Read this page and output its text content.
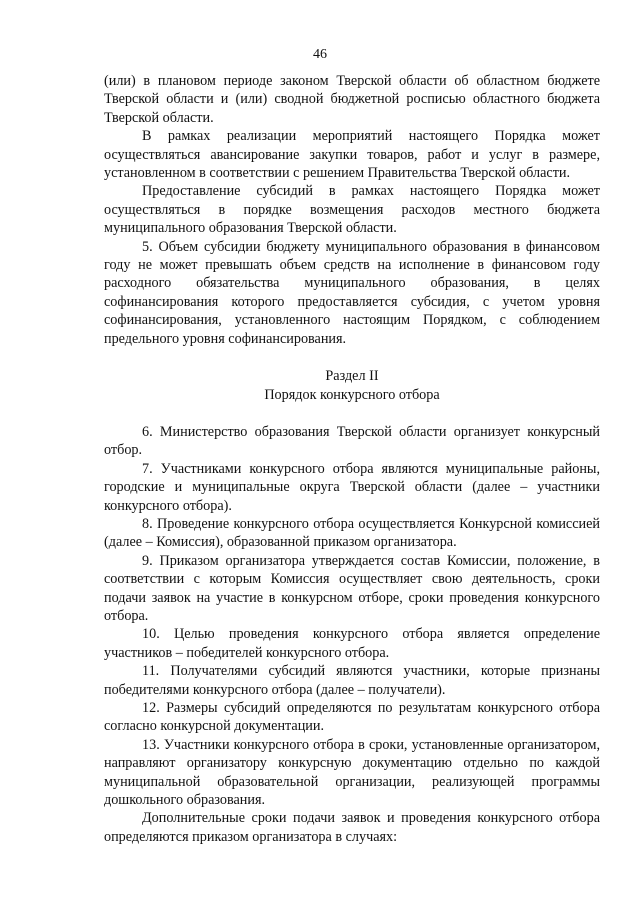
46

(или) в плановом периоде законом Тверской области об областном бюджете Тверской области и (или) сводной бюджетной росписью областного бюджета Тверской области.

В рамках реализации мероприятий настоящего Порядка может осуществляться авансирование закупки товаров, работ и услуг в размере, установленном в соответствии с решением Правительства Тверской области.

Предоставление субсидий в рамках настоящего Порядка может осуществляться в порядке возмещения расходов местного бюджета муниципального образования Тверской области.

5. Объем субсидии бюджету муниципального образования в финансовом году не может превышать объем средств на исполнение в финансовом году расходного обязательства муниципального образования, в целях софинансирования которого предоставляется субсидия, с учетом уровня софинансирования, установленного настоящим Порядком, с соблюдением предельного уровня софинансирования.

Раздел II
Порядок конкурсного отбора

6. Министерство образования Тверской области организует конкурсный отбор.

7. Участниками конкурсного отбора являются муниципальные районы, городские и муниципальные округа Тверской области (далее – участники конкурсного отбора).

8. Проведение конкурсного отбора осуществляется Конкурсной комиссией (далее – Комиссия), образованной приказом организатора.

9. Приказом организатора утверждается состав Комиссии, положение, в соответствии с которым Комиссия осуществляет свою деятельность, сроки подачи заявок на участие в конкурсном отборе, сроки проведения конкурсного отбора.

10. Целью проведения конкурсного отбора является определение участников – победителей конкурсного отбора.

11. Получателями субсидий являются участники, которые признаны победителями конкурсного отбора (далее – получатели).

12. Размеры субсидий определяются по результатам конкурсного отбора согласно конкурсной документации.

13. Участники конкурсного отбора в сроки, установленные организатором, направляют организатору конкурсную документацию отдельно по каждой муниципальной образовательной организации, реализующей программы дошкольного образования.

Дополнительные сроки подачи заявок и проведения конкурсного отбора определяются приказом организатора в случаях:
